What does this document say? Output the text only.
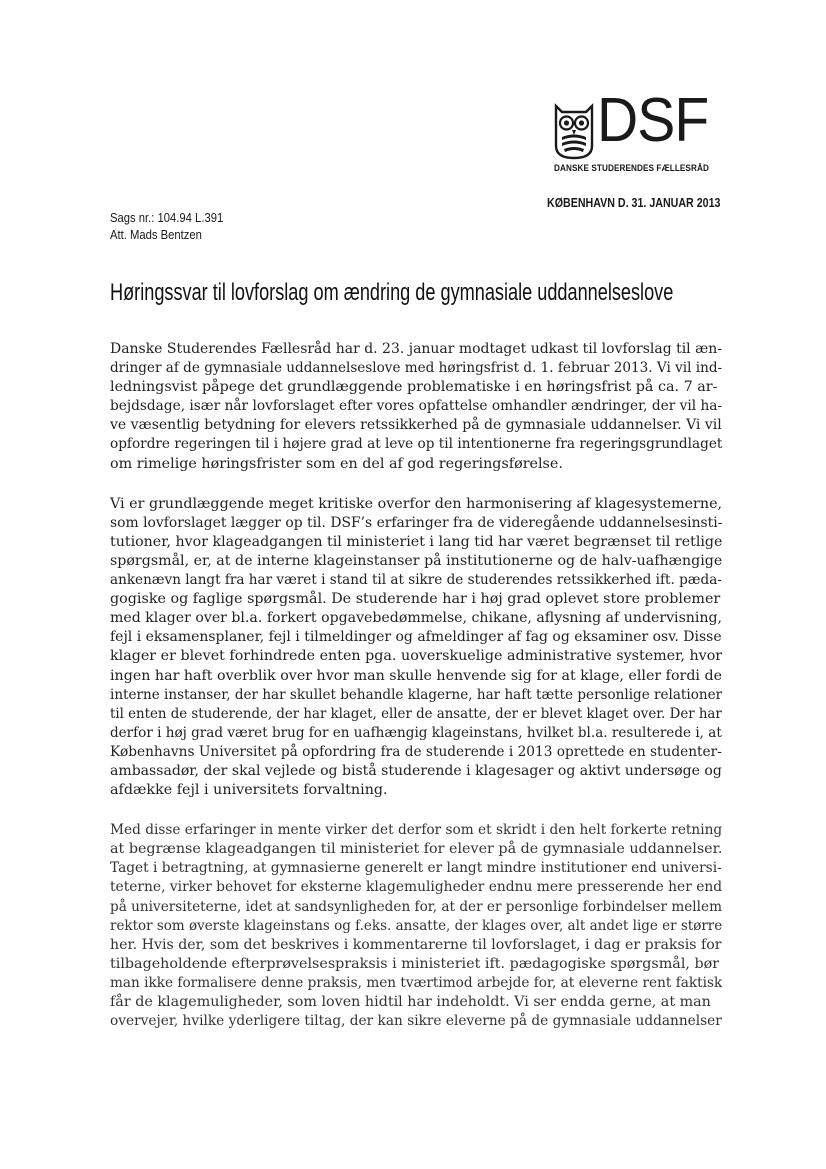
DSF
DANSKE STUDERENDES FÆLLESRÅD
KØBENHAVN D. 31. JANUAR 2013
Sags nr.: 104.94 L.391
Att. Mads Bentzen
Høringssvar til lovforslag om ændring de gymnasiale uddannelseslove
Danske Studerendes Fællesråd har d. 23. januar modtaget udkast til lovforslag til æn-
dringer af de gymnasiale uddannelseslove med høringsfrist d. 1. februar 2013. Vi vil ind-
ledningsvist påpege det grundlæggende problematiske i en høringsfrist på ca. 7 ar-
bejdsdage, især når lovforslaget efter vores opfattelse omhandler ændringer, der vil ha-
ve væsentlig betydning for elevers retssikkerhed på de gymnasiale uddannelser. Vi vil
opfordre regeringen til i højere grad at leve op til intentionerne fra regeringsgrundlaget
om rimelige høringsfrister som en del af god regeringsførelse.
Vi er grundlæggende meget kritiske overfor den harmonisering af klagesystemerne,
som lovforslaget lægger op til. DSF’s erfaringer fra de videregående uddannelsesinsti-
tutioner, hvor klageadgangen til ministeriet i lang tid har været begrænset til retlige
spørgsmål, er, at de interne klageinstanser på institutionerne og de halv-uafhængige
ankenævn langt fra har været i stand til at sikre de studerendes retssikkerhed ift. pæda-
gogiske og faglige spørgsmål. De studerende har i høj grad oplevet store problemer
med klager over bl.a. forkert opgavebedømmelse, chikane, aflysning af undervisning,
fejl i eksamensplaner, fejl i tilmeldinger og afmeldinger af fag og eksaminer osv. Disse
klager er blevet forhindrede enten pga. uoverskuelige administrative systemer, hvor
ingen har haft overblik over hvor man skulle henvende sig for at klage, eller fordi de
interne instanser, der har skullet behandle klagerne, har haft tætte personlige relationer
til enten de studerende, der har klaget, eller de ansatte, der er blevet klaget over. Der har
derfor i høj grad været brug for en uafhængig klageinstans, hvilket bl.a. resulterede i, at
Københavns Universitet på opfordring fra de studerende i 2013 oprettede en studenter-
ambassadør, der skal vejlede og bistå studerende i klagesager og aktivt undersøge og
afdække fejl i universitets forvaltning.
Med disse erfaringer in mente virker det derfor som et skridt i den helt forkerte retning
at begrænse klageadgangen til ministeriet for elever på de gymnasiale uddannelser.
Taget i betragtning, at gymnasierne generelt er langt mindre institutioner end universi-
teterne, virker behovet for eksterne klagemuligheder endnu mere presserende her end
på universiteterne, idet at sandsynligheden for, at der er personlige forbindelser mellem
rektor som øverste klageinstans og f.eks. ansatte, der klages over, alt andet lige er større
her. Hvis der, som det beskrives i kommentarerne til lovforslaget, i dag er praksis for
tilbageholdende efterprøvelsespraksis i ministeriet ift. pædagogiske spørgsmål, bør
man ikke formalisere denne praksis, men tværtimod arbejde for, at eleverne rent faktisk
får de klagemuligheder, som loven hidtil har indeholdt. Vi ser endda gerne, at man
overvejer, hvilke yderligere tiltag, der kan sikre eleverne på de gymnasiale uddannelser
